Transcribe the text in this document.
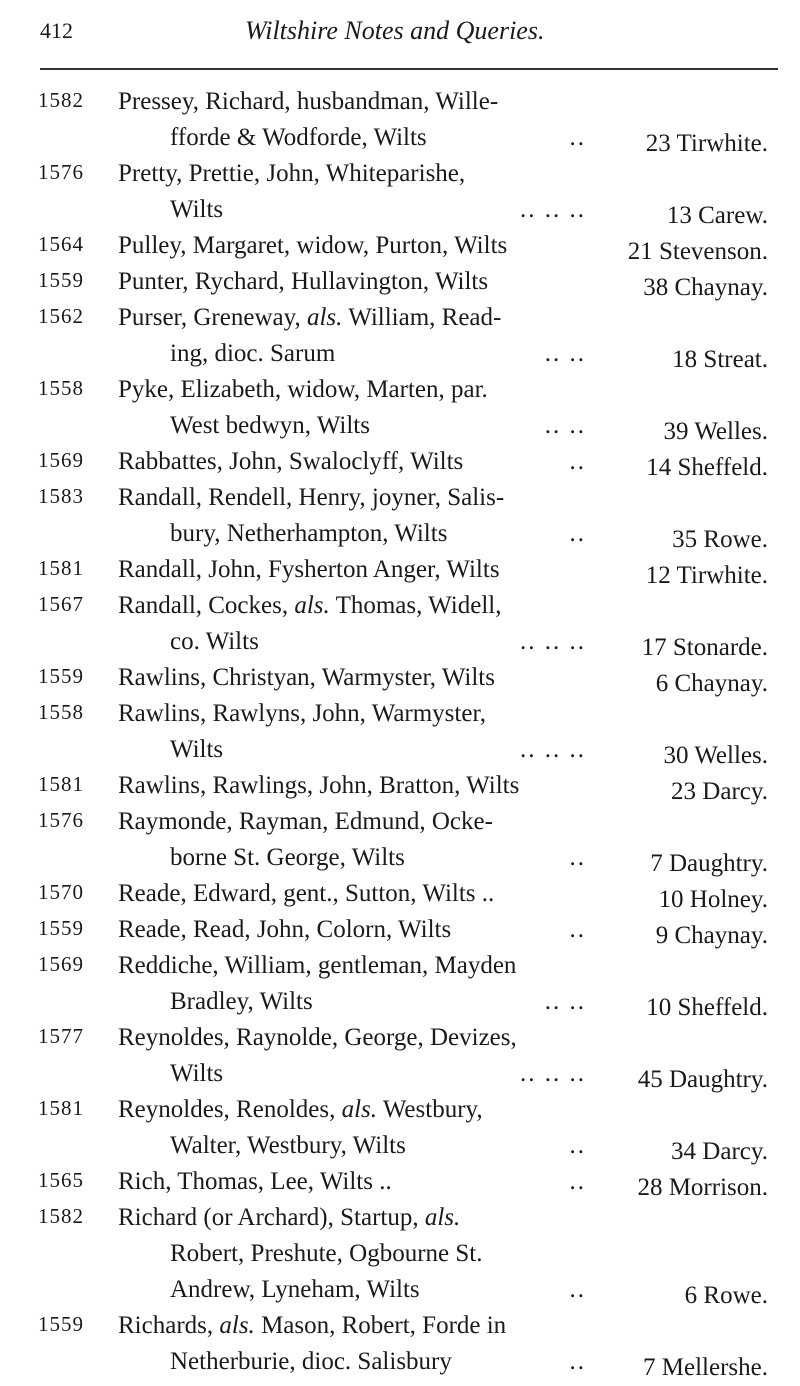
412	Wiltshire Notes and Queries.
1582 Pressey, Richard, husbandman, Wille-
fforde & Wodforde, Wilts	.. 23 Tirwhite.
1576 Pretty, Prettie, John, Whiteparishe,
Wilts	.. .. ..	13 Carew.
1564 Pulley, Margaret, widow, Purton, Wilts	21 Stevenson.
1559 Punter, Rychard, Hullavington, Wilts	38 Chaynay.
1562 Purser, Greneway, als. William, Read-
ing, dioc. Sarum	.. ..	18 Streat.
1558 Pyke, Elizabeth, widow, Marten, par.
West bedwyn, Wilts	.. ..	39 Welles.
1569 Rabbattes, John, Swaloclyff, Wilts	.. 14 Sheffeld.
1583 Randall, Rendell, Henry, joyner, Salis-
bury, Netherhampton, Wilts	..	35 Rowe.
1581 Randall, John, Fysherton Anger, Wilts	12 Tirwhite.
1567 Randall, Cockes, als. Thomas, Widell,
co. Wilts	.. .. .. 17 Stonarde.
1559 Rawlins, Christyan, Warmyster, Wilts	6 Chaynay.
1558 Rawlins, Rawlyns, John, Warmyster,
Wilts	.. .. ..	30 Welles.
1581 Rawlins, Rawlings, John, Bratton, Wilts	23 Darcy.
1576 Raymonde, Rayman, Edmund, Ocke-
borne St. George, Wilts	..	7 Daughtry.
1570 Reade, Edward, gent., Sutton, Wilts ..	10 Holney.
1559 Reade, Read, John, Colorn, Wilts	..	9 Chaynay.
1569 Reddiche, William, gentleman, Mayden
Bradley, Wilts	.. .. 10 Sheffeld.
1577 Reynoldes, Raynolde, George, Devizes,
Wilts	.. .. .. 45 Daughtry.
1581 Reynoldes, Renoldes, als. Westbury,
Walter, Westbury, Wilts	..	34 Darcy.
1565 Rich, Thomas, Lee, Wilts ..	.. 28 Morrison.
1582 Richard (or Archard), Startup, als.
Robert, Preshute, Ogbourne St.
Andrew, Lyneham, Wilts	..	6 Rowe.
1559 Richards, als. Mason, Robert, Forde in
Netherburie, dioc. Salisbury	.. 7 Mellershe.
